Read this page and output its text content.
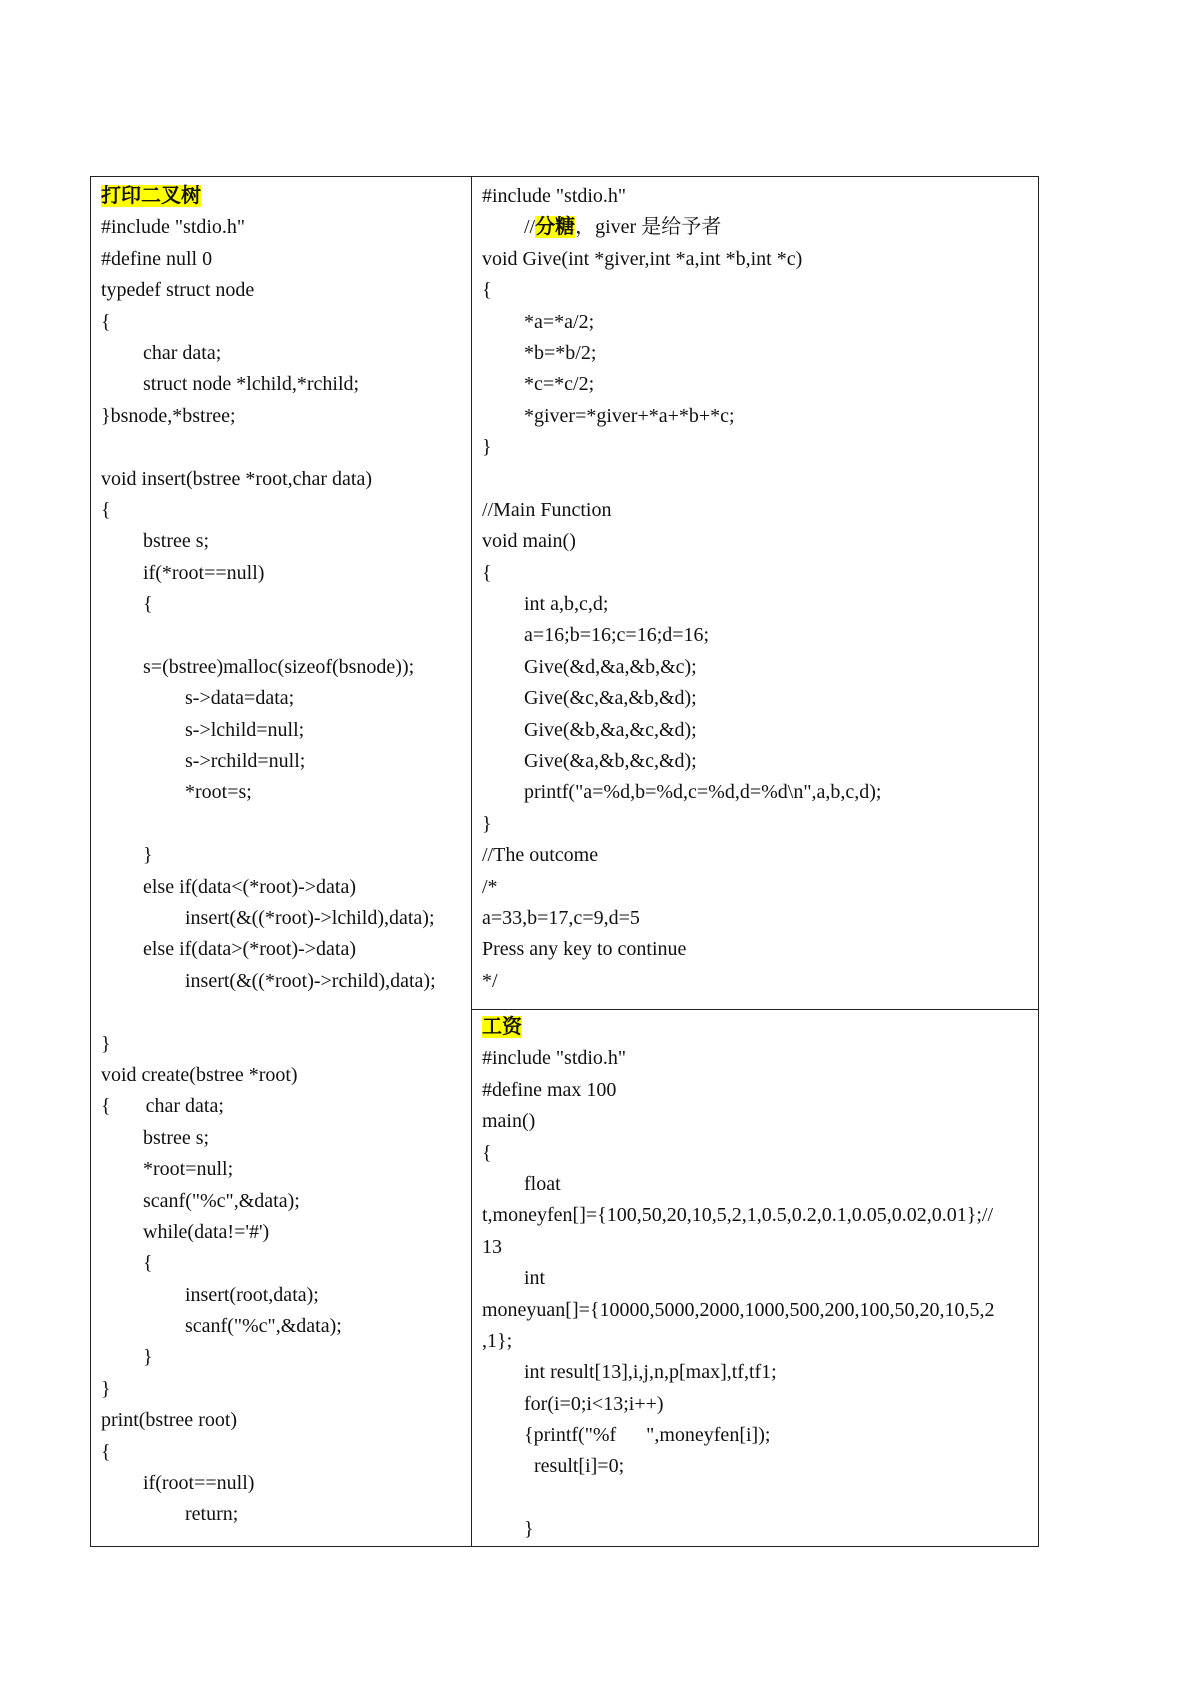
打印二叉树
#include "stdio.h"
#define null 0
typedef struct node
{
char data;
struct node *lchild,*rchild;
}bsnode,*bstree;
void insert(bstree *root,char data)
{
bstree s;
if(*root==null)
{
s=(bstree)malloc(sizeof(bsnode));
s->data=data;
s->lchild=null;
s->rchild=null;
*root=s;
}
else if(data<(*root)->data)
insert(&((*root)->lchild),data);
else if(data>(*root)->data)
insert(&((*root)->rchild),data);
}
void create(bstree *root)
{       char data;
bstree s;
*root=null;
scanf("%c",&data);
while(data!='#')
{
insert(root,data);
scanf("%c",&data);
}
}
print(bstree root)
{
if(root==null)
return;

#include "stdio.h"
//分糖，giver 是给予者
void Give(int *giver,int *a,int *b,int *c)
{
*a=*a/2;
*b=*b/2;
*c=*c/2;
*giver=*giver+*a+*b+*c;
}
//Main Function
void main()
{
int a,b,c,d;
a=16;b=16;c=16;d=16;
Give(&d,&a,&b,&c);
Give(&c,&a,&b,&d);
Give(&b,&a,&c,&d);
Give(&a,&b,&c,&d);
printf("a=%d,b=%d,c=%d,d=%d\n",a,b,c,d);
}
//The outcome
/*
a=33,b=17,c=9,d=5
Press any key to continue
*/

工资
#include "stdio.h"
#define max 100
main()
{
float
t,moneyfen[]={100,50,20,10,5,2,1,0.5,0.2,0.1,0.05,0.02,0.01};//
13
int
moneyuan[]={10000,5000,2000,1000,500,200,100,50,20,10,5,2
,1};
int result[13],i,j,n,p[max],tf,tf1;
for(i=0;i<13;i++)
{printf("%f      ",moneyfen[i]);
result[i]=0;
}
